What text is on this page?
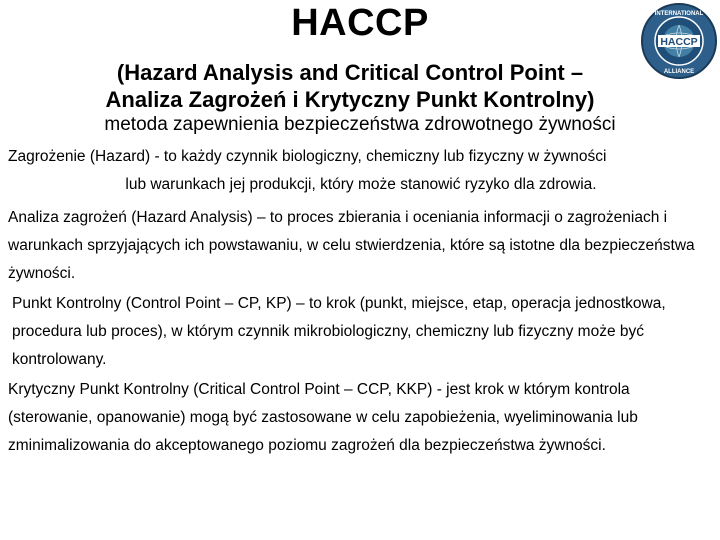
HACCP	HACCP
INTERNATIONAL
ALLIANCE
(Hazard Analysis and Critical Control Point –
Analiza Zagrożeń i Krytyczny Punkt Kontrolny)
metoda zapewnienia bezpieczeństwa zdrowotnego żywności
Zagrożenie (Hazard) - to każdy czynnik biologiczny, chemiczny lub fizyczny w żywności
lub warunkach jej produkcji, który może stanowić ryzyko dla zdrowia.
Analiza zagrożeń (Hazard Analysis) – to proces zbierania i oceniania informacji o zagrożeniach i warunkach sprzyjających ich powstawaniu, w celu stwierdzenia, które są istotne dla bezpieczeństwa żywności.
Punkt Kontrolny (Control Point – CP, KP) – to krok (punkt, miejsce, etap, operacja jednostkowa, procedura lub proces), w którym czynnik mikrobiologiczny, chemiczny lub fizyczny może być kontrolowany.
Krytyczny Punkt Kontrolny (Critical Control Point – CCP, KKP) - jest krok w którym kontrola (sterowanie, opanowanie) mogą być zastosowane w celu zapobieżenia, wyeliminowania lub zminimalizowania do akceptowanego poziomu zagrożeń dla bezpieczeństwa żywności.
